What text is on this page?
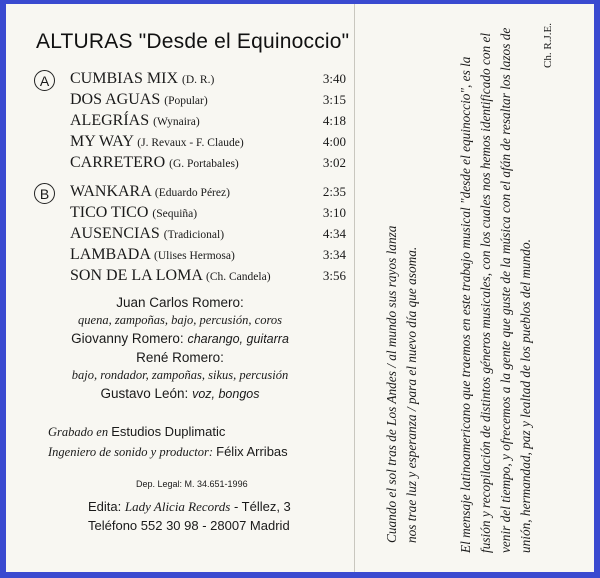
ALTURAS "Desde el Equinoccio"
A	CUMBIAS MIX (D. R.)	3:40
DOS AGUAS (Popular)	3:15
ALEGRÍAS (Wynaira)	4:18
MY WAY (J. Revaux - F. Claude)	4:00
CARRETERO (G. Portabales)	3:02
B	WANKARA (Eduardo Pérez)	2:35
TICO TICO (Sequiña)	3:10
AUSENCIAS (Tradicional)	4:34
LAMBADA (Ulises Hermosa)	3:34
SON DE LA LOMA (Ch. Candela)	3:56
Juan Carlos Romero:
quena, zampoñas, bajo, percusión, coros
Giovanny Romero: charango, guitarra
René Romero:
bajo, rondador, zampoñas, sikus, percusión
Gustavo León: voz, bongos
Grabado en Estudios Duplimatic
Ingeniero de sonido y productor: Félix Arribas
Dep. Legal: M. 34.651-1996
Edita: Lady Alicia Records - Téllez, 3
Teléfono 552 30 98 - 28007 Madrid	Cuando el sol tras de Los Andes / al mundo sus rayos lanza nos trae luz y esperanza / para el nuevo día que asoma.	El mensaje latinoamericano que traemos en este trabajo musical "desde el equinoccio", es la fusión y recopilación de distintos géneros musicales, con los cuales nos hemos identificado con el venir del tiempo, y ofrecemos a la gente que guste de la música con el afán de resaltar los lazos de unión, hermandad, paz y lealtad de los pueblos del mundo.

Ch. R.J.E.
